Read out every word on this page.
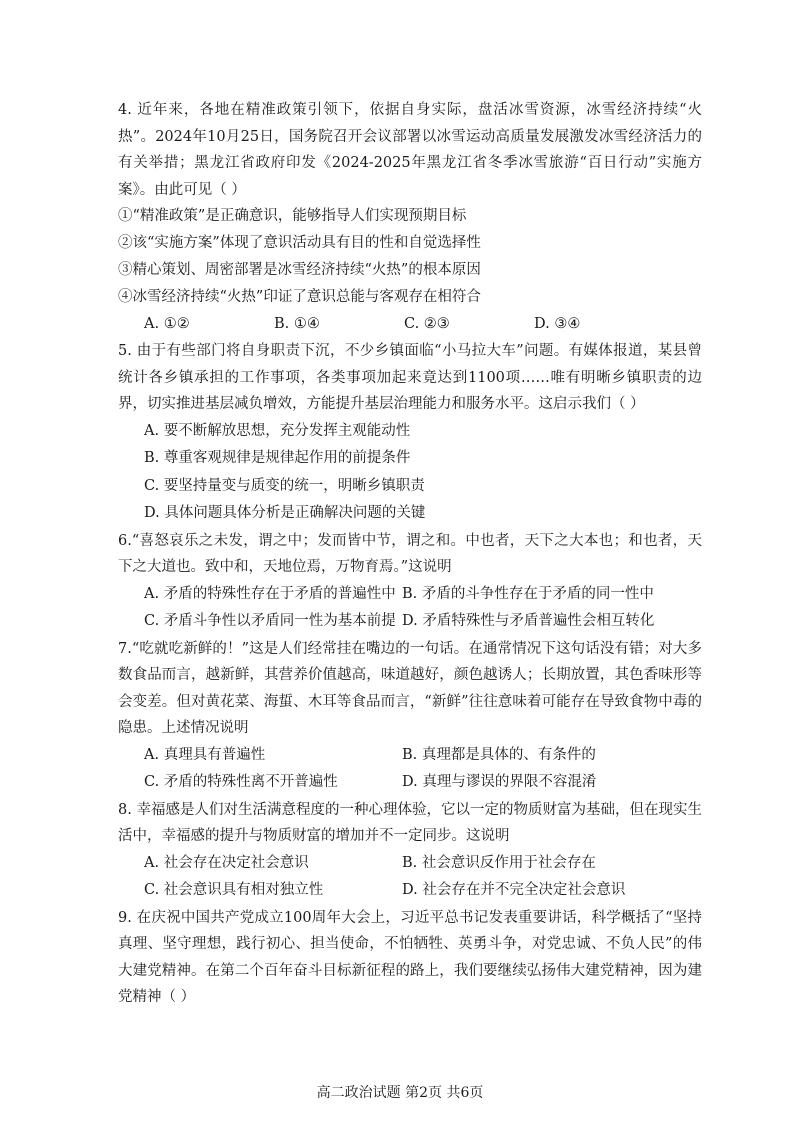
4. 近年来，各地在精准政策引领下，依据自身实际，盘活冰雪资源，冰雪经济持续“火热”。2024年10月25日，国务院召开会议部署以冰雪运动高质量发展激发冰雪经济活力的有关举措；黑龙江省政府印发《2024-2025年黑龙江省冬季冰雪旅游“百日行动”实施方案》。由此可见（ ）

①“精准政策”是正确意识，能够指导人们实现预期目标
②该“实施方案”体现了意识活动具有目的性和自觉选择性
③精心策划、周密部署是冰雪经济持续“火热”的根本原因
④冰雪经济持续“火热”印证了意识总能与客观存在相符合
A. ①②	B. ①④	C. ②③	D. ③④

5. 由于有些部门将自身职责下沉，不少乡镇面临“小马拉大车”问题。有媒体报道，某县曾统计各乡镇承担的工作事项，各类事项加起来竟达到1100项……唯有明晰乡镇职责的边界，切实推进基层减负增效，方能提升基层治理能力和服务水平。这启示我们（ ）

A. 要不断解放思想，充分发挥主观能动性
B. 尊重客观规律是规律起作用的前提条件
C. 要坚持量变与质变的统一，明晰乡镇职责
D. 具体问题具体分析是正确解决问题的关键

6.“喜怒哀乐之未发，谓之中；发而皆中节，谓之和。中也者，天下之大本也；和也者，天下之大道也。致中和，天地位焉，万物育焉。”这说明

A. 矛盾的特殊性存在于矛盾的普遍性中 B. 矛盾的斗争性存在于矛盾的同一性中
C. 矛盾斗争性以矛盾同一性为基本前提 D. 矛盾特殊性与矛盾普遍性会相互转化

7.“吃就吃新鲜的！”这是人们经常挂在嘴边的一句话。在通常情况下这句话没有错；对大多数食品而言，越新鲜，其营养价值越高，味道越好，颜色越诱人；长期放置，其色香味形等会变差。但对黄花菜、海蜇、木耳等食品而言，“新鲜”往往意味着可能存在导致食物中毒的隐患。上述情况说明

A. 真理具有普遍性	B. 真理都是具体的、有条件的
C. 矛盾的特殊性离不开普遍性	D. 真理与谬误的界限不容混淆

8. 幸福感是人们对生活满意程度的一种心理体验，它以一定的物质财富为基础，但在现实生活中，幸福感的提升与物质财富的增加并不一定同步。这说明

A. 社会存在决定社会意识	B. 社会意识反作用于社会存在
C. 社会意识具有相对独立性	D. 社会存在并不完全决定社会意识

9. 在庆祝中国共产党成立100周年大会上，习近平总书记发表重要讲话，科学概括了“坚持真理、坚守理想，践行初心、担当使命，不怕牺牲、英勇斗争，对党忠诚、不负人民”的伟大建党精神。在第二个百年奋斗目标新征程的路上，我们要继续弘扬伟大建党精神，因为建党精神（ ）

高二政治试题 第2页 共6页
